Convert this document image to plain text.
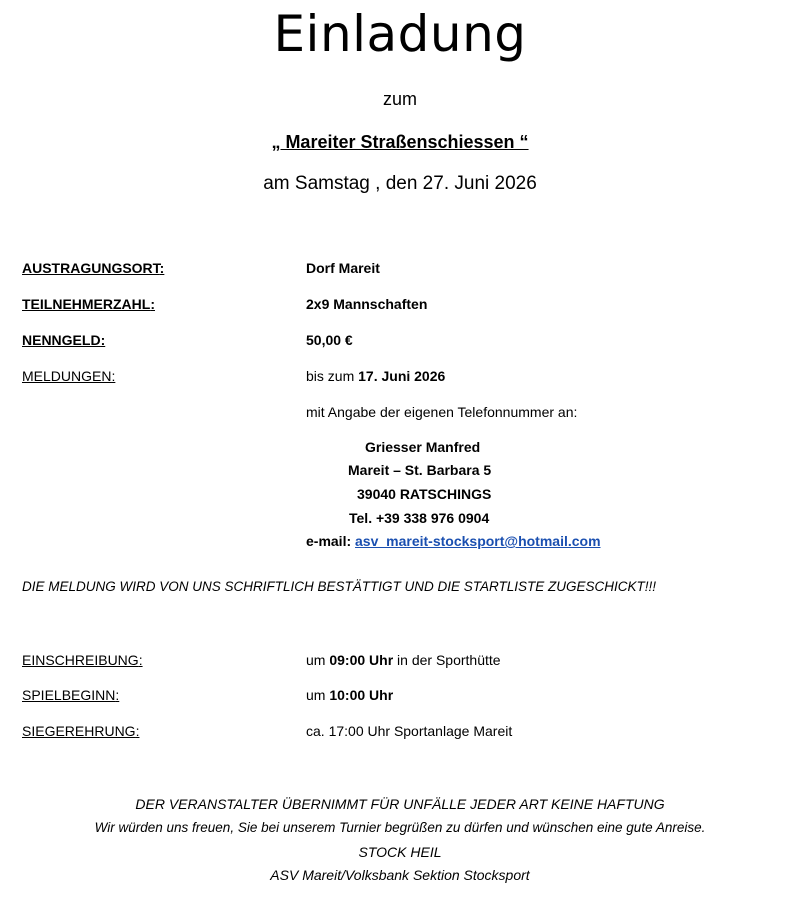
Einladung
zum
„ Mareiter Straßenschiessen “
am Samstag , den 27. Juni 2026
AUSTRAGUNGSORT:	Dorf Mareit
TEILNEHMERZAHL:	2x9 Mannschaften
NENNGELD:	50,00 €
MELDUNGEN:	bis zum 17. Juni 2026
mit Angabe der eigenen Telefonnummer an:
Griesser Manfred
Mareit – St. Barbara 5
39040 RATSCHINGS
Tel. +39 338 976 0904
e-mail: asv_mareit-stocksport@hotmail.com
DIE MELDUNG WIRD VON UNS SCHRIFTLICH BESTÄTTIGT UND DIE STARTLISTE ZUGESCHICKT!!!
EINSCHREIBUNG:	um 09:00 Uhr in der Sporthütte
SPIELBEGINN:	um 10:00 Uhr
SIEGEREHRUNG:	ca. 17:00 Uhr Sportanlage Mareit
DER VERANSTALTER ÜBERNIMMT FÜR UNFÄLLE JEDER ART KEINE HAFTUNG
Wir würden uns freuen, Sie bei unserem Turnier begrüßen zu dürfen und wünschen eine gute Anreise.
STOCK HEIL
ASV Mareit/Volksbank Sektion Stocksport
